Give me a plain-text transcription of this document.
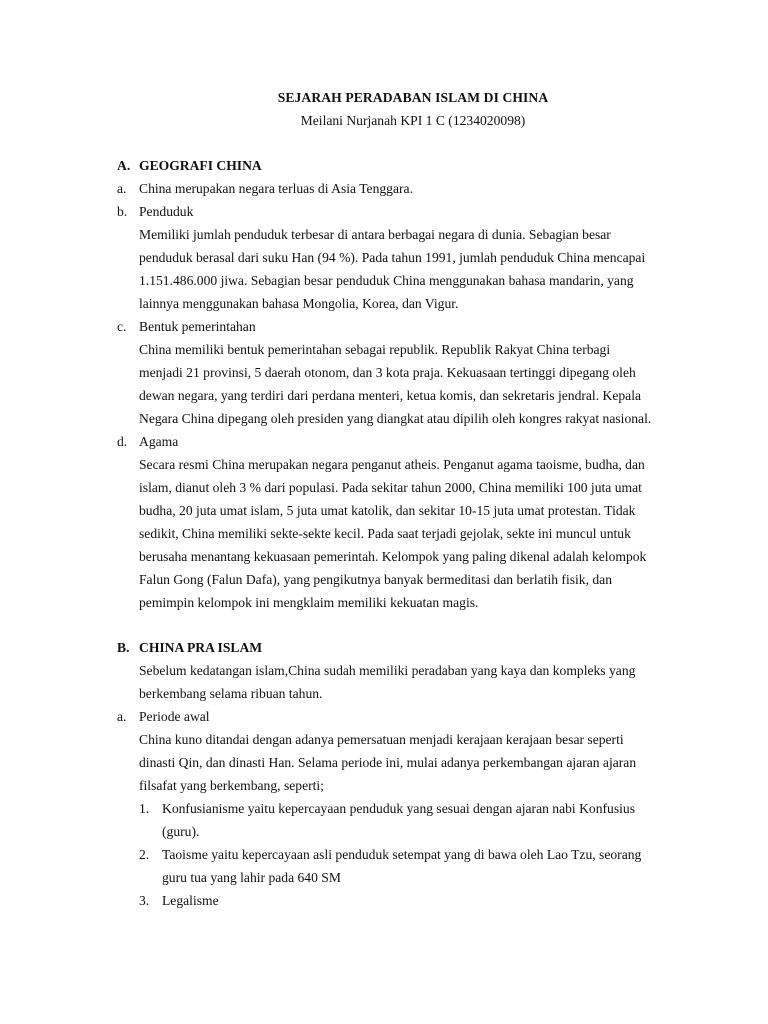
SEJARAH PERADABAN ISLAM DI CHINA

Meilani Nurjanah KPI 1 C (1234020098)

A. GEOGRAFI CHINA
a. China merupakan negara terluas di Asia Tenggara.
b. Penduduk

Memiliki jumlah penduduk terbesar di antara berbagai negara di dunia. Sebagian besar

penduduk berasal dari suku Han (94 %). Pada tahun 1991, jumlah penduduk China mencapai

1.151.486.000 jiwa. Sebagian besar penduduk China menggunakan bahasa mandarin, yang

lainnya menggunakan bahasa Mongolia, Korea, dan Vigur.

c. Bentuk pemerintahan

China memiliki bentuk pemerintahan sebagai republik. Republik Rakyat China terbagi

menjadi 21 provinsi, 5 daerah otonom, dan 3 kota praja. Kekuasaan tertinggi dipegang oleh

dewan negara, yang terdiri dari perdana menteri, ketua komis, dan sekretaris jendral. Kepala

Negara China dipegang oleh presiden yang diangkat atau dipilih oleh kongres rakyat nasional.

d. Agama

Secara resmi China merupakan negara penganut atheis. Penganut agama taoisme, budha, dan

islam, dianut oleh 3 % dari populasi. Pada sekitar tahun 2000, China memiliki 100 juta umat

budha, 20 juta umat islam, 5 juta umat katolik, dan sekitar 10-15 juta umat protestan. Tidak

sedikit, China memiliki sekte-sekte kecil. Pada saat terjadi gejolak, sekte ini muncul untuk

berusaha menantang kekuasaan pemerintah. Kelompok yang paling dikenal adalah kelompok

Falun Gong (Falun Dafa), yang pengikutnya banyak bermeditasi dan berlatih fisik, dan

pemimpin kelompok ini mengklaim memiliki kekuatan magis.

B. CHINA PRA ISLAM

Sebelum kedatangan islam,China sudah memiliki peradaban yang kaya dan kompleks yang

berkembang selama ribuan tahun.

a. Periode awal

China kuno ditandai dengan adanya pemersatuan menjadi kerajaan kerajaan besar seperti

dinasti Qin, dan dinasti Han. Selama periode ini, mulai adanya perkembangan ajaran ajaran

filsafat yang berkembang, seperti;

1. Konfusianisme yaitu kepercayaan penduduk yang sesuai dengan ajaran nabi Konfusius
(guru).
2. Taoisme yaitu kepercayaan asli penduduk setempat yang di bawa oleh Lao Tzu, seorang
guru tua yang lahir pada 640 SM
3. Legalisme
